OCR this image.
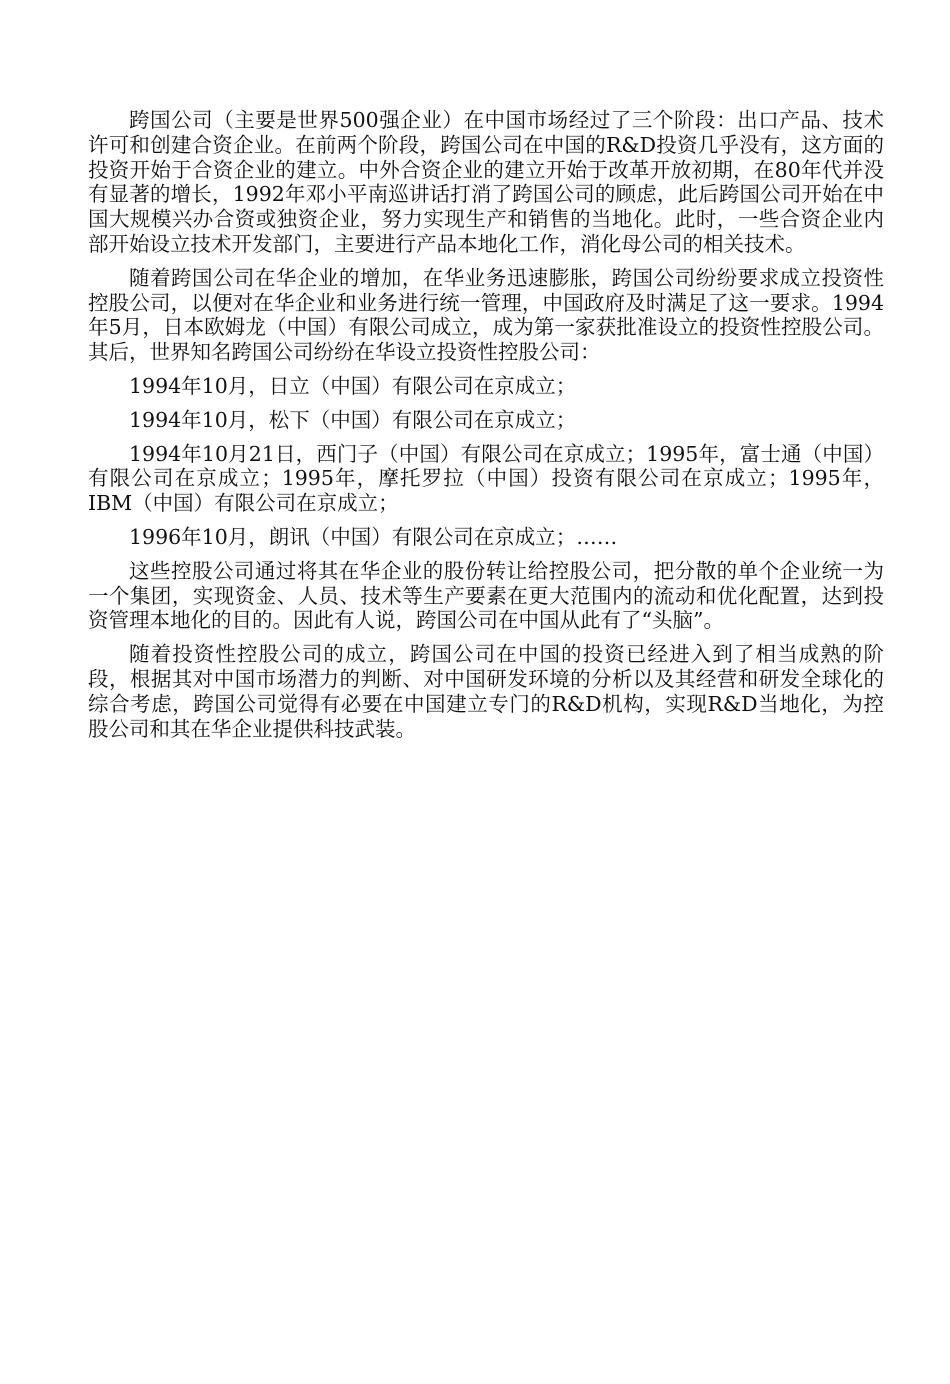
跨国公司（主要是世界500强企业）在中国市场经过了三个阶段：出口产品、技术许可和创建合资企业。在前两个阶段，跨国公司在中国的R&D投资几乎没有，这方面的投资开始于合资企业的建立。中外合资企业的建立开始于改革开放初期，在80年代并没有显著的增长，1992年邓小平南巡讲话打消了跨国公司的顾虑，此后跨国公司开始在中国大规模兴办合资或独资企业，努力实现生产和销售的当地化。此时，一些合资企业内部开始设立技术开发部门，主要进行产品本地化工作，消化母公司的相关技术。

随着跨国公司在华企业的增加，在华业务迅速膨胀，跨国公司纷纷要求成立投资性控股公司，以便对在华企业和业务进行统一管理，中国政府及时满足了这一要求。1994年5月，日本欧姆龙（中国）有限公司成立，成为第一家获批准设立的投资性控股公司。其后，世界知名跨国公司纷纷在华设立投资性控股公司：

1994年10月，日立（中国）有限公司在京成立；

1994年10月，松下（中国）有限公司在京成立；

1994年10月21日，西门子（中国）有限公司在京成立；1995年，富士通（中国）有限公司在京成立；1995年，摩托罗拉（中国）投资有限公司在京成立；1995年，IBM（中国）有限公司在京成立；

1996年10月，朗讯（中国）有限公司在京成立；……

这些控股公司通过将其在华企业的股份转让给控股公司，把分散的单个企业统一为一个集团，实现资金、人员、技术等生产要素在更大范围内的流动和优化配置，达到投资管理本地化的目的。因此有人说，跨国公司在中国从此有了“头脑”。

随着投资性控股公司的成立，跨国公司在中国的投资已经进入到了相当成熟的阶段，根据其对中国市场潜力的判断、对中国研发环境的分析以及其经营和研发全球化的综合考虑，跨国公司觉得有必要在中国建立专门的R&D机构，实现R&D当地化，为控股公司和其在华企业提供科技武装。
